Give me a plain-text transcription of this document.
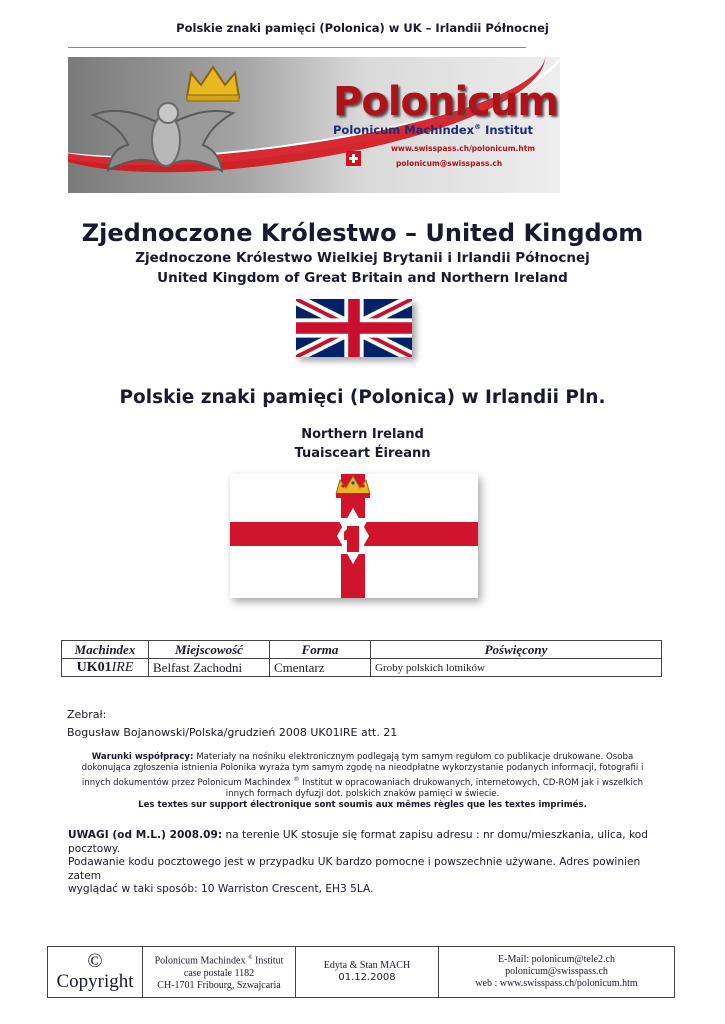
Polskie znaki pamięci (Polonica) w UK – Irlandii Północnej
Polonicum
Polonicum Machindex® Institut
www.swisspass.ch/polonicum.htm
polonicum@swisspass.ch
Zjednoczone Królestwo – United Kingdom
Zjednoczone Królestwo Wielkiej Brytanii i Irlandii Północnej
United Kingdom of Great Britain and Northern Ireland
Polskie znaki pamięci (Polonica) w Irlandii Pln.
Northern Ireland
Tuaisceart Éireann
Machindex	Miejscowość	Forma	Poświęcony
UK01IRE	Belfast Zachodni	Cmentarz	Groby polskich lotników
Zebrał:
Bogusław Bojanowski/Polska/grudzień 2008 UK01IRE att. 21
Warunki współpracy: Materiały na nośniku elektronicznym podlegają tym samym regułom co publikacje drukowane. Osoba
dokonująca zgłoszenia istnienia Polonika wyraża tym samym zgodę na nieodpłatne wykorzystanie podanych informacji, fotografii i
innych dokumentów przez Polonicum Machindex ® Institut w opracowaniach drukowanych, internetowych, CD-ROM jak i wszelkich
innych formach dyfuzji dot. polskich znaków pamięci w świecie.
Les textes sur support électronique sont soumis aux mêmes règles que les textes imprimés.
UWAGI (od M.L.) 2008.09: na terenie UK stosuje się format zapisu adresu : nr domu/mieszkania, ulica, kod pocztowy.
Podawanie kodu pocztowego jest w przypadku UK bardzo pomocne i powszechnie używane. Adres powinien zatem
wyglądać w taki sposób: 10 Warriston Crescent, EH3 5LA.
©
Copyright

Polonicum Machindex ® Institut
case postale 1182
CH-1701 Fribourg, Szwajcaria

Edyta & Stan MACH
01.12.2008

E-Mail: polonicum@tele2.ch
polonicum@swisspass.ch
web : www.swisspass.ch/polonicum.htm
